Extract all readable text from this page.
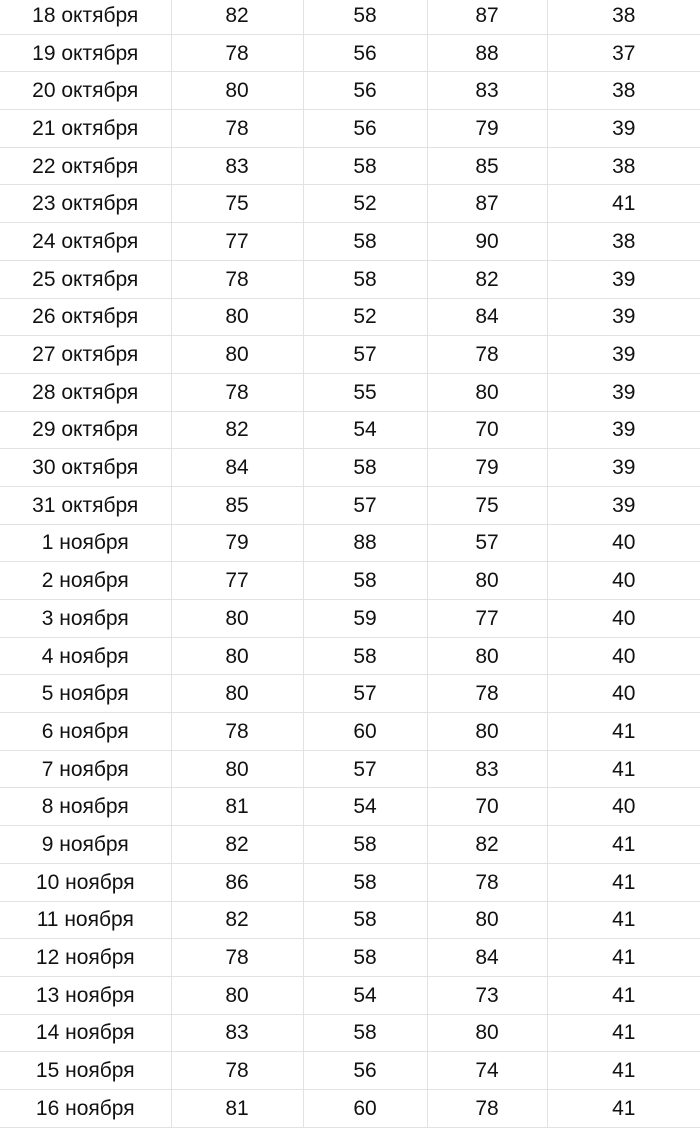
18 октября	82	58	87	38
19 октября	78	56	88	37
20 октября	80	56	83	38
21 октября	78	56	79	39
22 октября	83	58	85	38
23 октября	75	52	87	41
24 октября	77	58	90	38
25 октября	78	58	82	39
26 октября	80	52	84	39
27 октября	80	57	78	39
28 октября	78	55	80	39
29 октября	82	54	70	39
30 октября	84	58	79	39
31 октября	85	57	75	39
1 ноября	79	88	57	40
2 ноября	77	58	80	40
3 ноября	80	59	77	40
4 ноября	80	58	80	40
5 ноября	80	57	78	40
6 ноября	78	60	80	41
7 ноября	80	57	83	41
8 ноября	81	54	70	40
9 ноября	82	58	82	41
10 ноября	86	58	78	41
11 ноября	82	58	80	41
12 ноября	78	58	84	41
13 ноября	80	54	73	41
14 ноября	83	58	80	41
15 ноября	78	56	74	41
16 ноября	81	60	78	41
